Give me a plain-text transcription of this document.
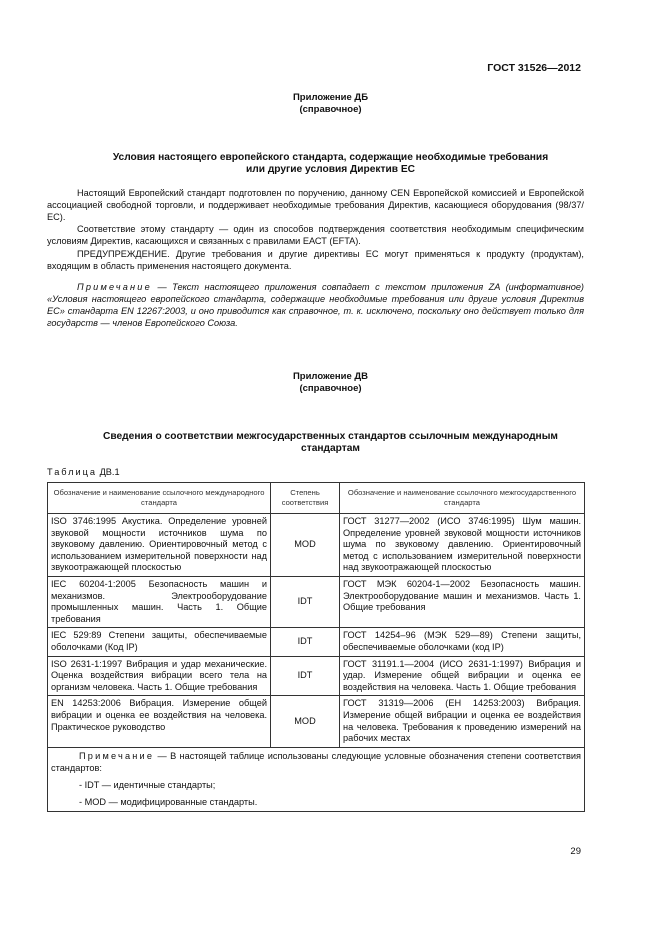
ГОСТ 31526—2012
Приложение ДБ
(справочное)
Условия настоящего европейского стандарта, содержащие необходимые требования
или другие условия Директив ЕС
Настоящий Европейский стандарт подготовлен по поручению, данному CEN Европейской комиссией и Европейской ассоциацией свободной торговли, и поддерживает необходимые требования Директив, касающиеся оборудования (98/37/ЕС).
Соответствие этому стандарту — один из способов подтверждения соответствия необходимым специфическим условиям Директив, касающихся и связанных с правилами ЕАСТ (EFTA).
ПРЕДУПРЕЖДЕНИЕ. Другие требования и другие директивы ЕС могут применяться к продукту (продуктам), входящим в область применения настоящего документа.
Примечание — Текст настоящего приложения совпадает с текстом приложения ZA (информативное) «Условия настоящего европейского стандарта, содержащие необходимые требования или другие условия Директив ЕС» стандарта EN 12267:2003, и оно приводится как справочное, т. к. исключено, поскольку оно действует только для государств — членов Европейского Союза.
Приложение ДВ
(справочное)
Сведения о соответствии межгосударственных стандартов ссылочным международным
стандартам
Таблица ДВ.1
Обозначение и наименование ссылочного международного стандарта	Степень соответствия	Обозначение и наименование ссылочного межгосударственного стандарта
ISO 3746:1995 Акустика. Определение уровней звуковой мощности источников шума по звуковому давлению. Ориентировочный метод с использованием измерительной поверхности над звукоотражающей плоскостью	MOD	ГОСТ 31277—2002 (ИСО 3746:1995) Шум машин. Определение уровней звуковой мощности источников шума по звуковому давлению. Ориентировочный метод с использованием измерительной поверхности над звукоотражающей плоскостью
IEC 60204-1:2005 Безопасность машин и механизмов. Электрооборудование промышленных машин. Часть 1. Общие требования	IDT	ГОСТ МЭК 60204-1—2002 Безопасность машин. Электрооборудование машин и механизмов. Часть 1. Общие требования
IEC 529:89 Степени защиты, обеспечиваемые оболочками (Код IP)	IDT	ГОСТ 14254–96 (МЭК 529—89) Степени защиты, обеспечиваемые оболочками (код IP)
ISO 2631-1:1997 Вибрация и удар механические. Оценка воздействия вибрации всего тела на организм человека. Часть 1. Общие требования	IDT	ГОСТ 31191.1—2004 (ИСО 2631-1:1997) Вибрация и удар. Измерение общей вибрации и оценка ее воздействия на человека. Часть 1. Общие требования
EN 14253:2006 Вибрация. Измерение общей вибрации и оценка ее воздействия на человека. Практическое руководство	MOD	ГОСТ 31319—2006 (ЕН 14253:2003) Вибрация. Измерение общей вибрации и оценка ее воздействия на человека. Требования к проведению измерений на рабочих местах

Примечание — В настоящей таблице использованы следующие условные обозначения степени соответствия стандартов:
- IDT — идентичные стандарты;
- MOD — модифицированные стандарты.		
29
